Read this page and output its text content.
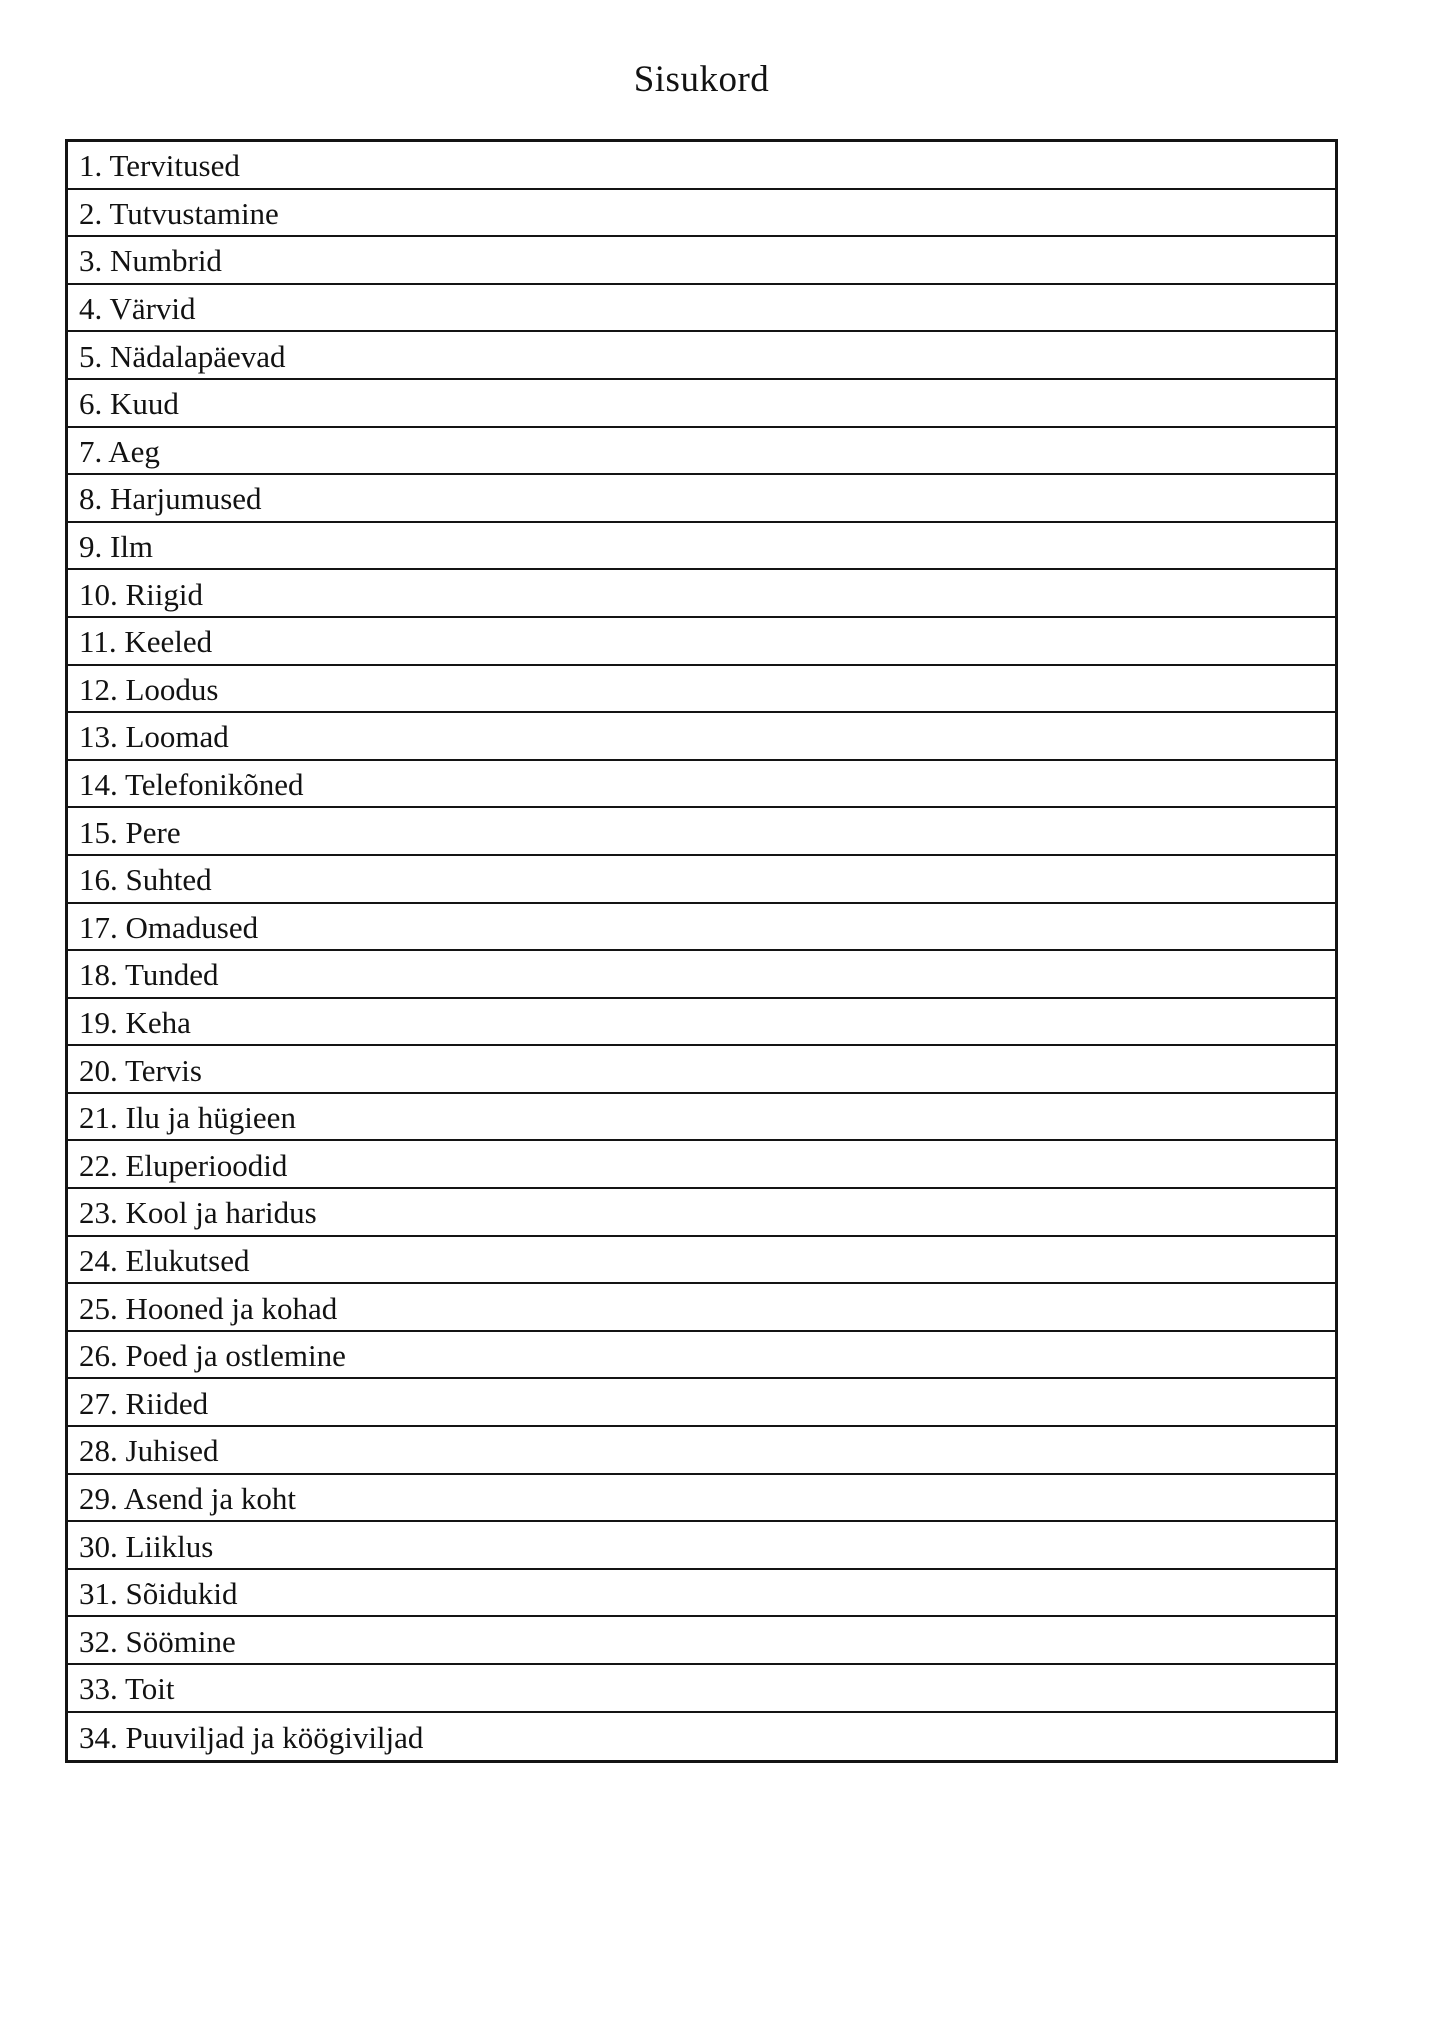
Sisukord
1. Tervitused
2. Tutvustamine
3. Numbrid
4. Värvid
5. Nädalapäevad
6. Kuud
7. Aeg
8. Harjumused
9. Ilm
10. Riigid
11. Keeled
12. Loodus
13. Loomad
14. Telefonikõned
15. Pere
16. Suhted
17. Omadused
18. Tunded
19. Keha
20. Tervis
21. Ilu ja hügieen
22. Eluperioodid
23. Kool ja haridus
24. Elukutsed
25. Hooned ja kohad
26. Poed ja ostlemine
27. Riided
28. Juhised
29. Asend ja koht
30. Liiklus
31. Sõidukid
32. Söömine
33. Toit
34. Puuviljad ja köögiviljad
